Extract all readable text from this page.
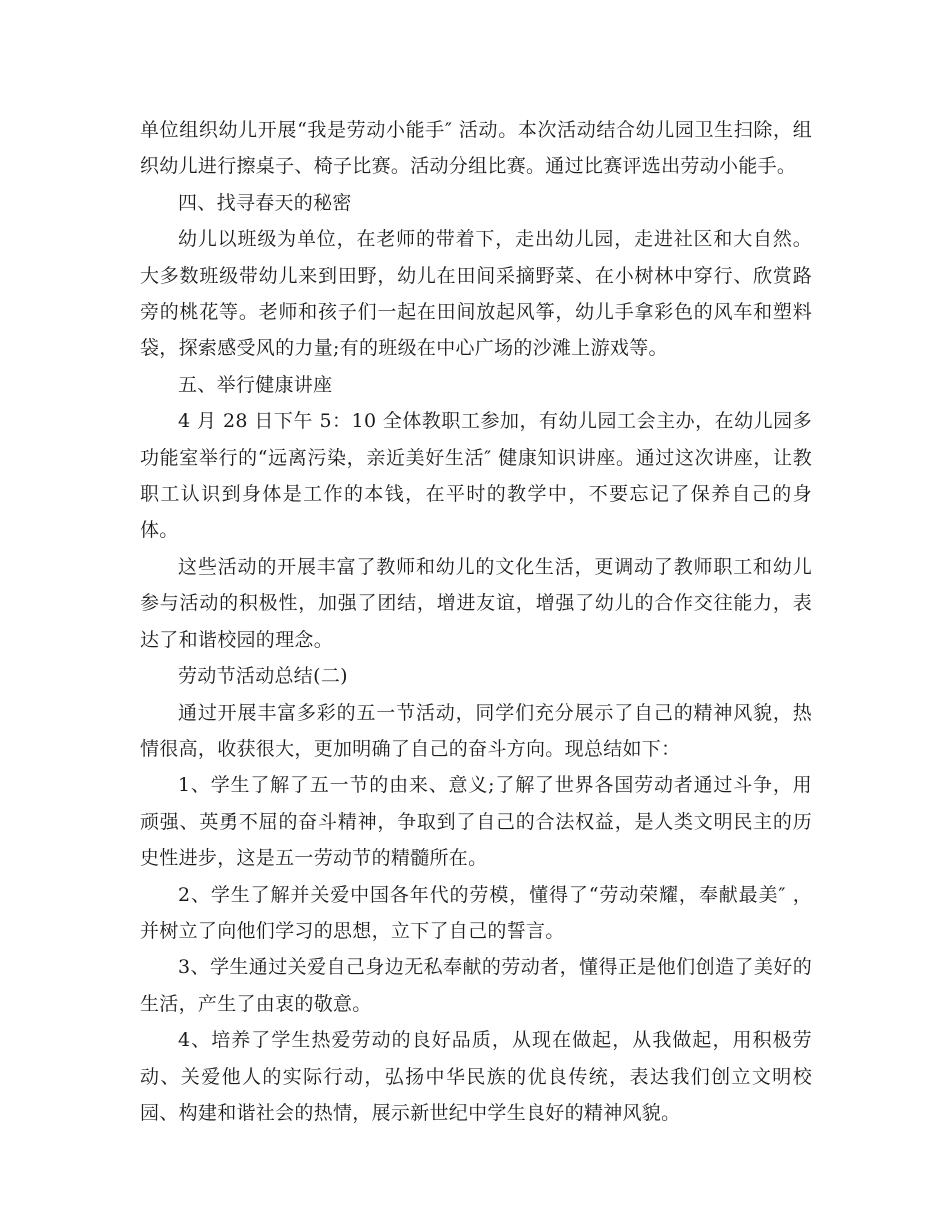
单位组织幼儿开展“我是劳动小能手″ 活动。本次活动结合幼儿园卫生扫除，组织幼儿进行擦桌子、椅子比赛。活动分组比赛。通过比赛评选出劳动小能手。

四、找寻春天的秘密

幼儿以班级为单位，在老师的带着下，走出幼儿园，走进社区和大自然。大多数班级带幼儿来到田野，幼儿在田间采摘野菜、在小树林中穿行、欣赏路旁的桃花等。老师和孩子们一起在田间放起风筝，幼儿手拿彩色的风车和塑料袋，探索感受风的力量;有的班级在中心广场的沙滩上游戏等。

五、举行健康讲座

4 月 28 日下午 5：10 全体教职工参加，有幼儿园工会主办，在幼儿园多功能室举行的“远离污染，亲近美好生活″ 健康知识讲座。通过这次讲座，让教职工认识到身体是工作的本钱，在平时的教学中，不要忘记了保养自己的身体。

这些活动的开展丰富了教师和幼儿的文化生活，更调动了教师职工和幼儿参与活动的积极性，加强了团结，增进友谊，增强了幼儿的合作交往能力，表达了和谐校园的理念。

劳动节活动总结(二)

通过开展丰富多彩的五一节活动，同学们充分展示了自己的精神风貌，热情很高，收获很大，更加明确了自己的奋斗方向。现总结如下：

1、学生了解了五一节的由来、意义;了解了世界各国劳动者通过斗争，用顽强、英勇不屈的奋斗精神，争取到了自己的合法权益，是人类文明民主的历史性进步，这是五一劳动节的精髓所在。

2、学生了解并关爱中国各年代的劳模，懂得了“劳动荣耀，奉献最美″ ，并树立了向他们学习的思想，立下了自己的誓言。

3、学生通过关爱自己身边无私奉献的劳动者，懂得正是他们创造了美好的生活，产生了由衷的敬意。

4、培养了学生热爱劳动的良好品质，从现在做起，从我做起，用积极劳动、关爱他人的实际行动，弘扬中华民族的优良传统，表达我们创立文明校园、构建和谐社会的热情，展示新世纪中学生良好的精神风貌。
